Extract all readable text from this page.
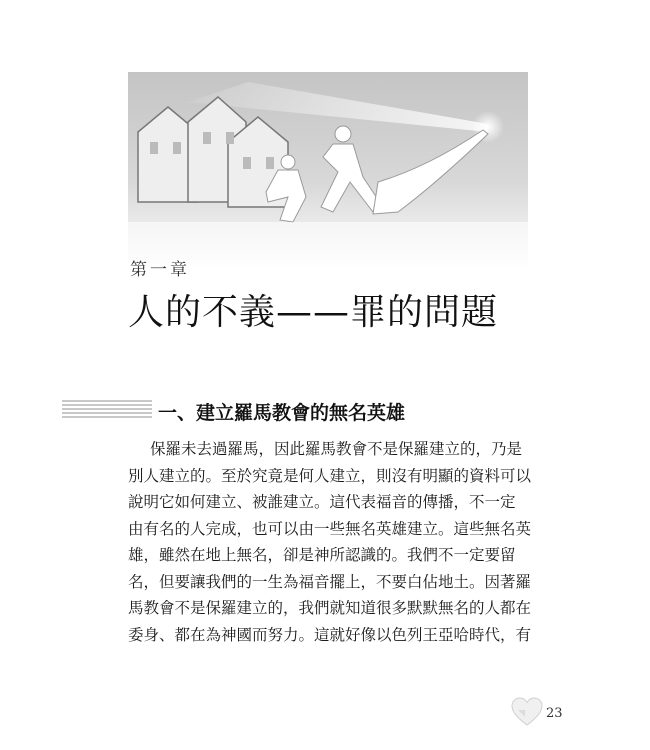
第一章
人的不義——罪的問題
一、建立羅馬教會的無名英雄
保羅未去過羅馬，因此羅馬教會不是保羅建立的，乃是
別人建立的。至於究竟是何人建立，則沒有明顯的資料可以
說明它如何建立、被誰建立。這代表福音的傳播，不一定
由有名的人完成，也可以由一些無名英雄建立。這些無名英
雄，雖然在地上無名，卻是神所認識的。我們不一定要留
名，但要讓我們的一生為福音擺上，不要白佔地土。因著羅
馬教會不是保羅建立的，我們就知道很多默默無名的人都在
委身、都在為神國而努力。這就好像以色列王亞哈時代，有
23
